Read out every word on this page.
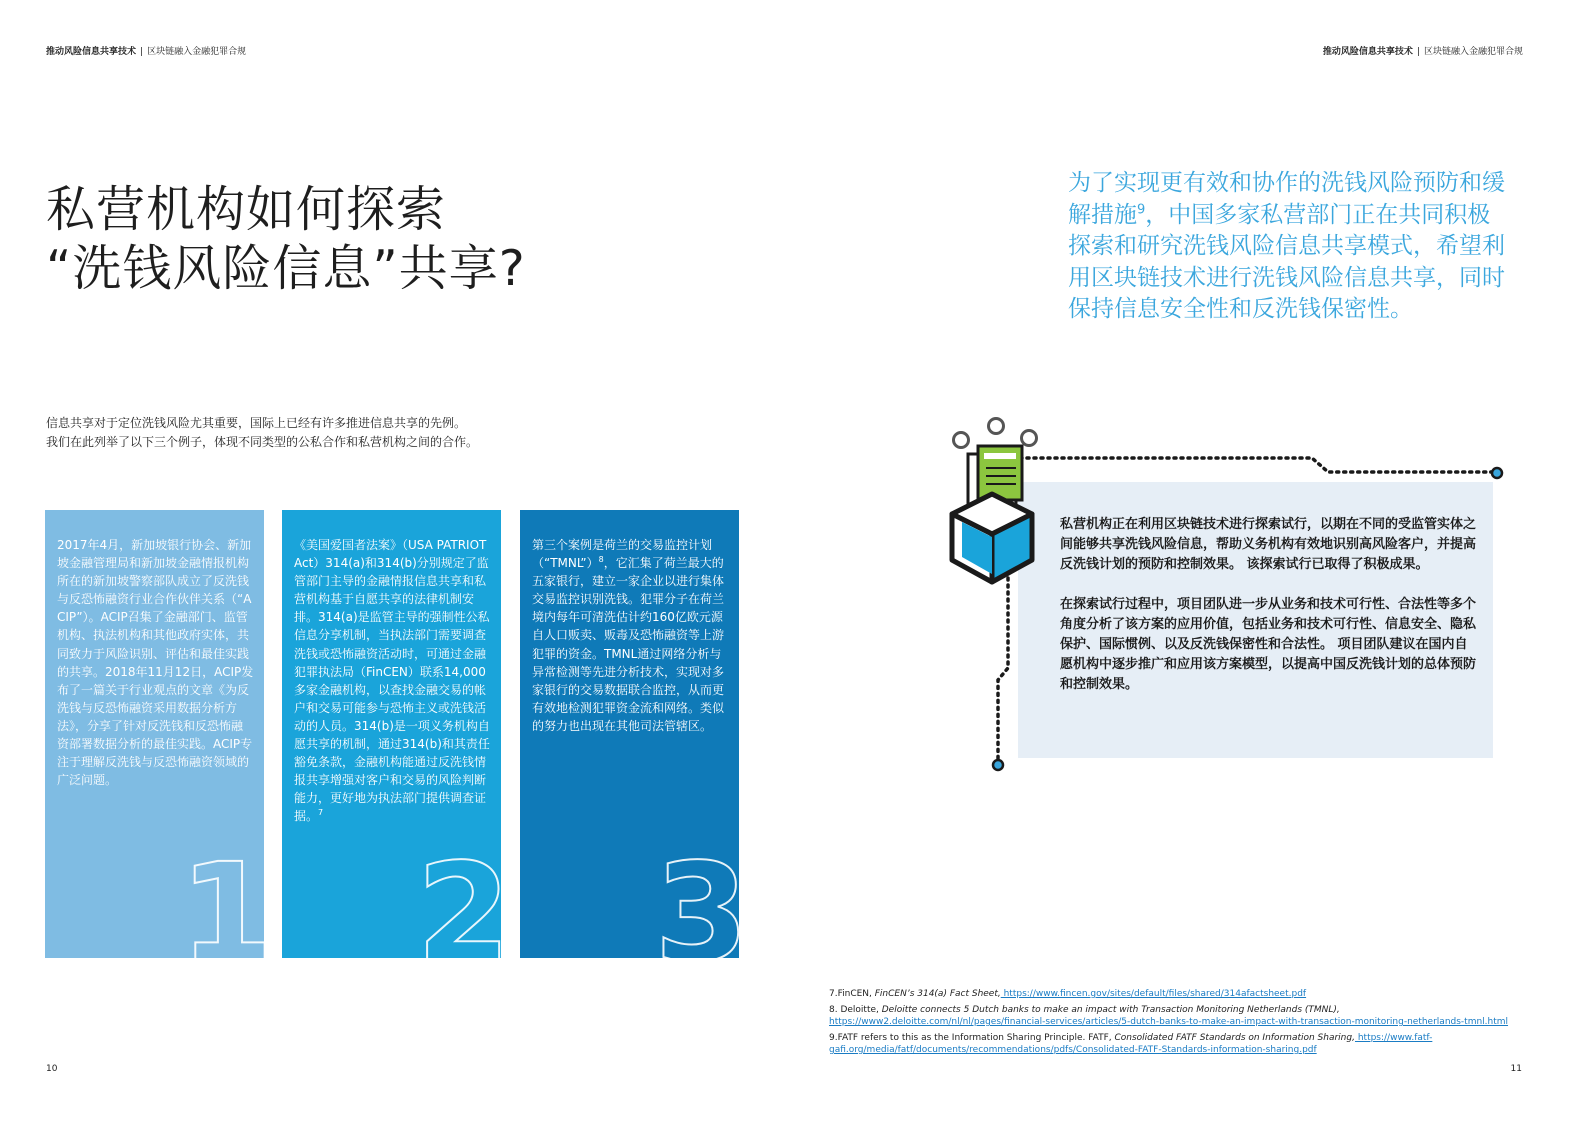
推动风险信息共享技术 | 区块链融入金融犯罪合规	推动风险信息共享技术 | 区块链融入金融犯罪合规
私营机构如何探索
“洗钱风险信息”共享?
为了实现更有效和协作的洗钱风险预防和缓解措施$^9$，中国多家私营部门正在共同积极探索和研究洗钱风险信息共享模式，希望利用区块链技术进行洗钱风险信息共享，同时保持信息安全性和反洗钱保密性。
信息共享对于定位洗钱风险尤其重要，国际上已经有许多推进信息共享的先例。
我们在此列举了以下三个例子，体现不同类型的公私合作和私营机构之间的合作。
2017年4月，新加坡银行协会、新加坡金融管理局和新加坡金融情报机构所在的新加坡警察部队成立了反洗钱与反恐怖融资行业合作伙伴关系（“ACIP”）。ACIP召集了金融部门、监管机构、执法机构和其他政府实体，共同致力于风险识别、评估和最佳实践的共享。2018年11月12日，ACIP发布了一篇关于行业观点的文章《为反洗钱与反恐怖融资采用数据分析方法》，分享了针对反洗钱和反恐怖融资部署数据分析的最佳实践。ACIP专注于理解反洗钱与反恐怖融资领域的广泛问题。
1
《美国爱国者法案》（USA PATRIOT Act）314(a)和314(b)分别规定了监管部门主导的金融情报信息共享和私营机构基于自愿共享的法律机制安排。314(a)是监管主导的强制性公私信息分享机制，当执法部门需要调查洗钱或恐怖融资活动时，可通过金融犯罪执法局（FinCEN）联系14,000多家金融机构，以查找金融交易的帐户和交易可能参与恐怖主义或洗钱活动的人员。314(b)是一项义务机构自愿共享的机制，通过314(b)和其责任豁免条款，金融机构能通过反洗钱情报共享增强对客户和交易的风险判断能力，更好地为执法部门提供调查证据。$^7$
2
第三个案例是荷兰的交易监控计划（“TMNL”）$^8$，它汇集了荷兰最大的五家银行，建立一家企业以进行集体交易监控识别洗钱。犯罪分子在荷兰境内每年可清洗估计约160亿欧元源自人口贩卖、贩毒及恐怖融资等上游犯罪的资金。TMNL通过网络分析与异常检测等先进分析技术，实现对多家银行的交易数据联合监控，从而更有效地检测犯罪资金流和网络。类似的努力也出现在其他司法管辖区。
3

私营机构正在利用区块链技术进行探索试行，以期在不同的受监管实体之间能够共享洗钱风险信息，帮助义务机构有效地识别高风险客户，并提高反洗钱计划的预防和控制效果。 该探索试行已取得了积极成果。

在探索试行过程中，项目团队进一步从业务和技术可行性、合法性等多个角度分析了该方案的应用价值，包括业务和技术可行性、信息安全、隐私保护、国际惯例、以及反洗钱保密性和合法性。 项目团队建议在国内自愿机构中逐步推广和应用该方案模型，以提高中国反洗钱计划的总体预防和控制效果。

7.FinCEN, FinCEN’s 314(a) Fact Sheet, https://www.fincen.gov/sites/default/files/shared/314afactsheet.pdf
8. Deloitte, Deloitte connects 5 Dutch banks to make an impact with Transaction Monitoring Netherlands (TMNL), https://www2.deloitte.com/nl/nl/pages/financial-services/articles/5-dutch-banks-to-make-an-impact-with-transaction-monitoring-netherlands-tmnl.html
9.FATF refers to this as the Information Sharing Principle. FATF, Consolidated FATF Standards on Information Sharing, https://www.fatf-gafi.org/media/fatf/documents/recommendations/pdfs/Consolidated-FATF-Standards-information-sharing.pdf
10	11
